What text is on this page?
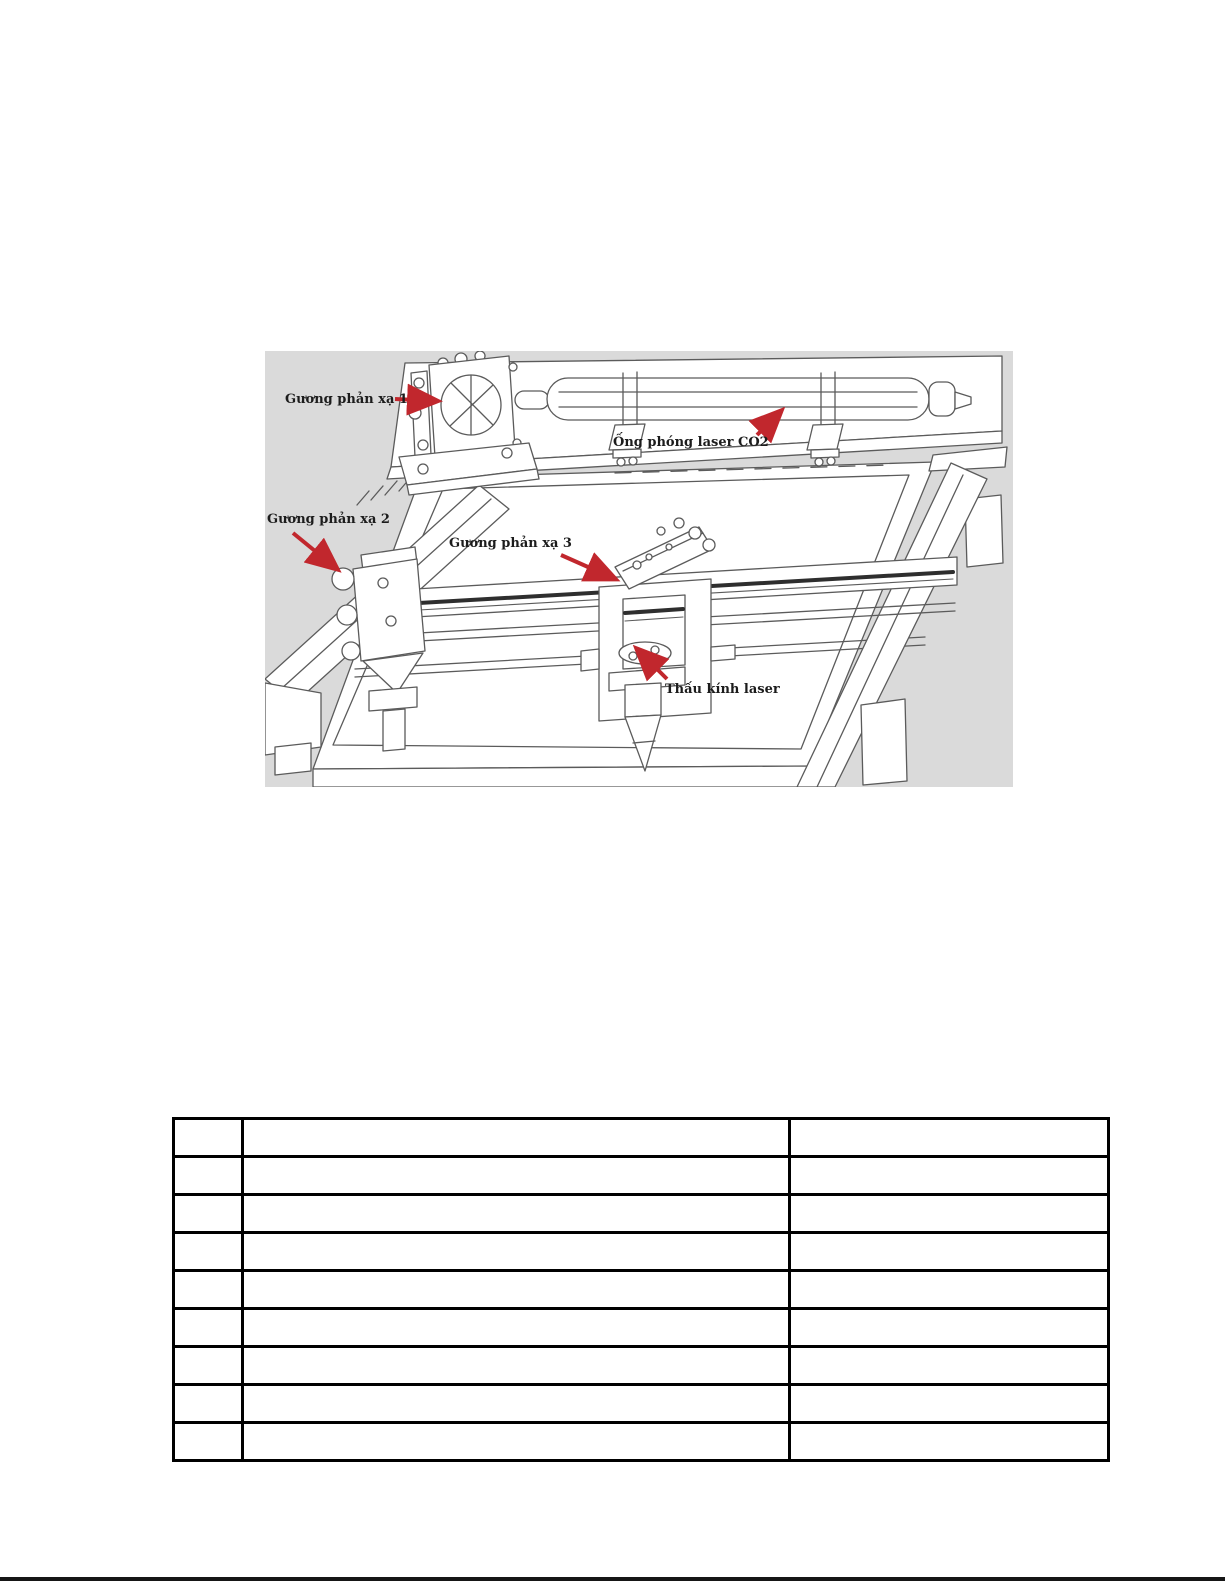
Gương phản xạ 1
Ống phóng laser CO2
Gương phản xạ 2
Gương phản xạ 3
Thấu kính laser
